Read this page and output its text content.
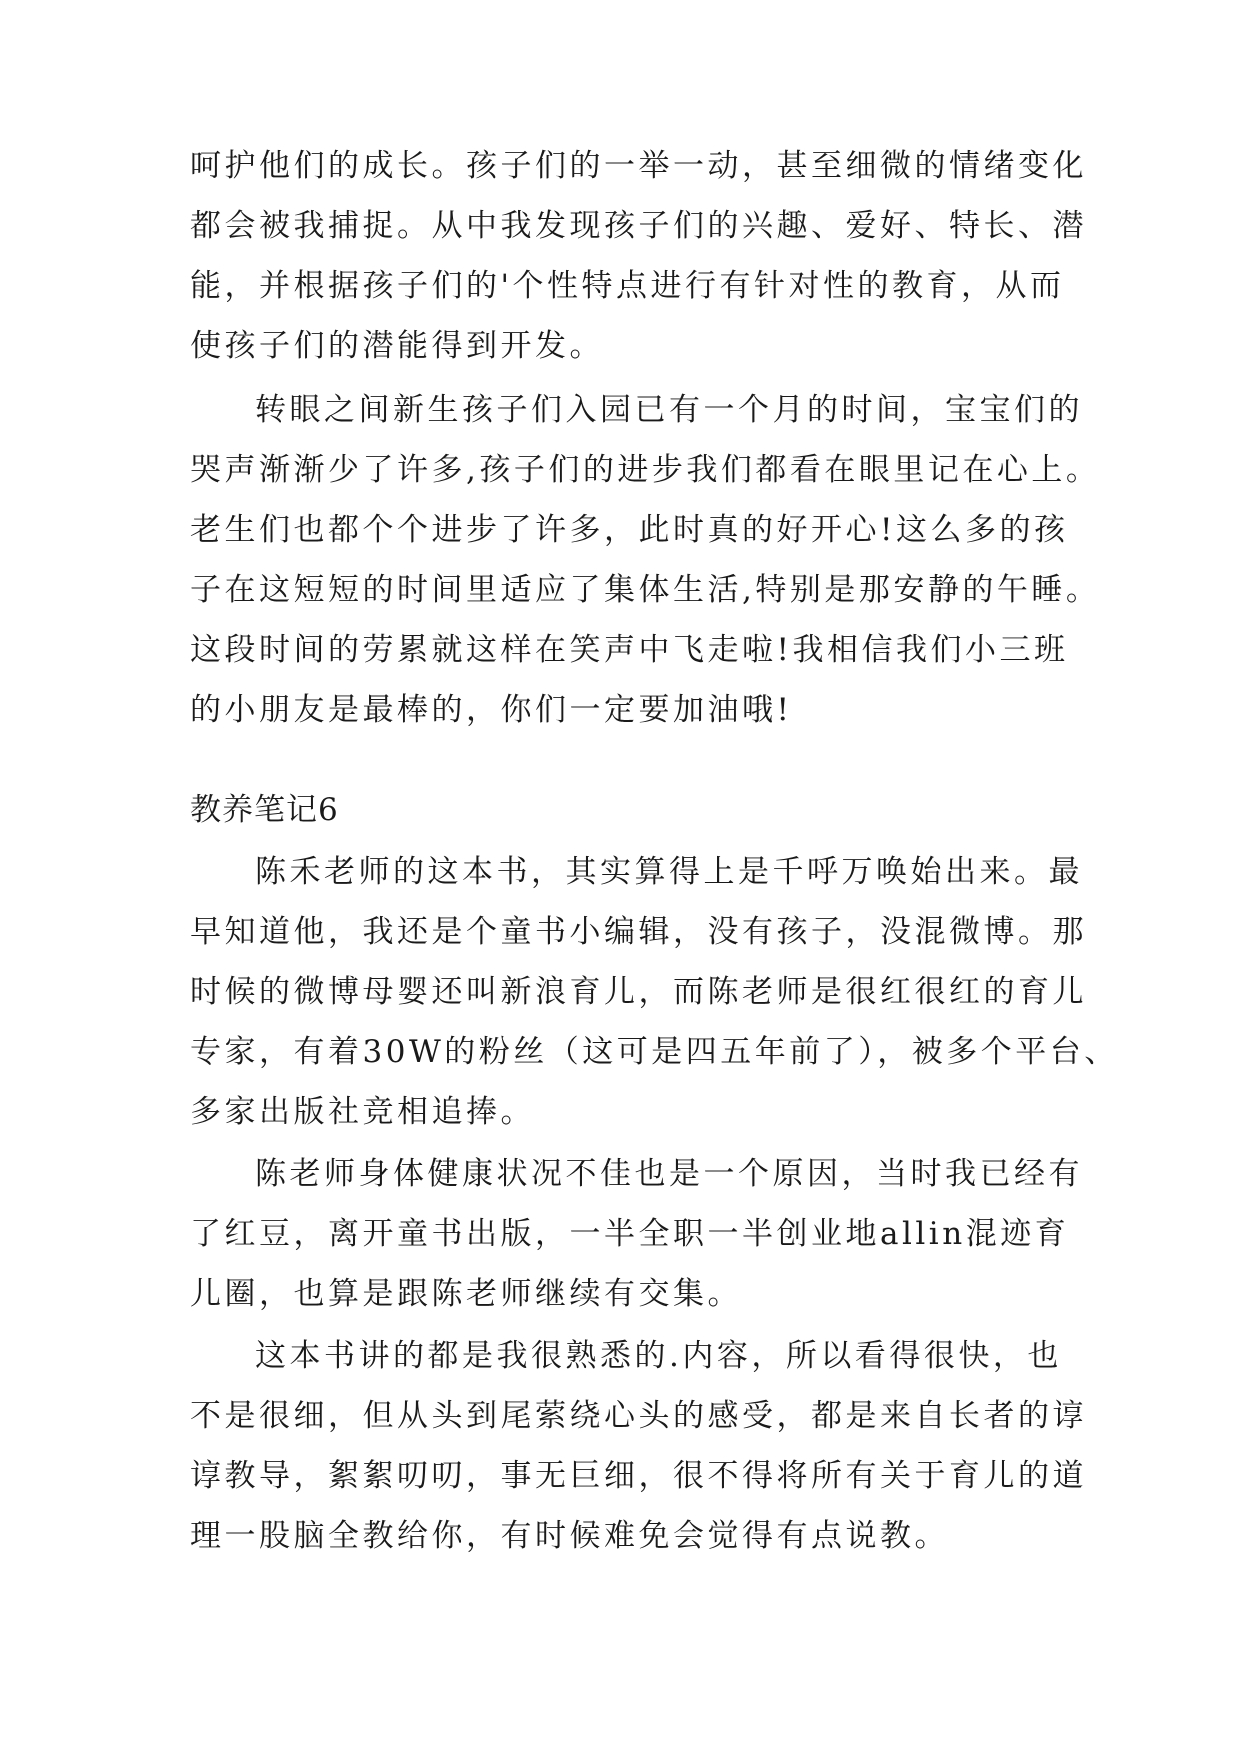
呵护他们的成长。孩子们的一举一动，甚至细微的情绪变化
都会被我捕捉。从中我发现孩子们的兴趣、爱好、特长、潜
能，并根据孩子们的'个性特点进行有针对性的教育，从而
使孩子们的潜能得到开发。
转眼之间新生孩子们入园已有一个月的时间，宝宝们的
哭声渐渐少了许多,孩子们的进步我们都看在眼里记在心上。
老生们也都个个进步了许多，此时真的好开心!这么多的孩
子在这短短的时间里适应了集体生活,特别是那安静的午睡。
这段时间的劳累就这样在笑声中飞走啦!我相信我们小三班
的小朋友是最棒的，你们一定要加油哦!
教养笔记6
陈禾老师的这本书，其实算得上是千呼万唤始出来。最
早知道他，我还是个童书小编辑，没有孩子，没混微博。那
时候的微博母婴还叫新浪育儿，而陈老师是很红很红的育儿
专家，有着30W的粉丝（这可是四五年前了），被多个平台、
多家出版社竞相追捧。
陈老师身体健康状况不佳也是一个原因，当时我已经有
了红豆，离开童书出版，一半全职一半创业地allin混迹育
儿圈，也算是跟陈老师继续有交集。
这本书讲的都是我很熟悉的.内容，所以看得很快，也
不是很细，但从头到尾萦绕心头的感受，都是来自长者的谆
谆教导，絮絮叨叨，事无巨细，很不得将所有关于育儿的道
理一股脑全教给你，有时候难免会觉得有点说教。
